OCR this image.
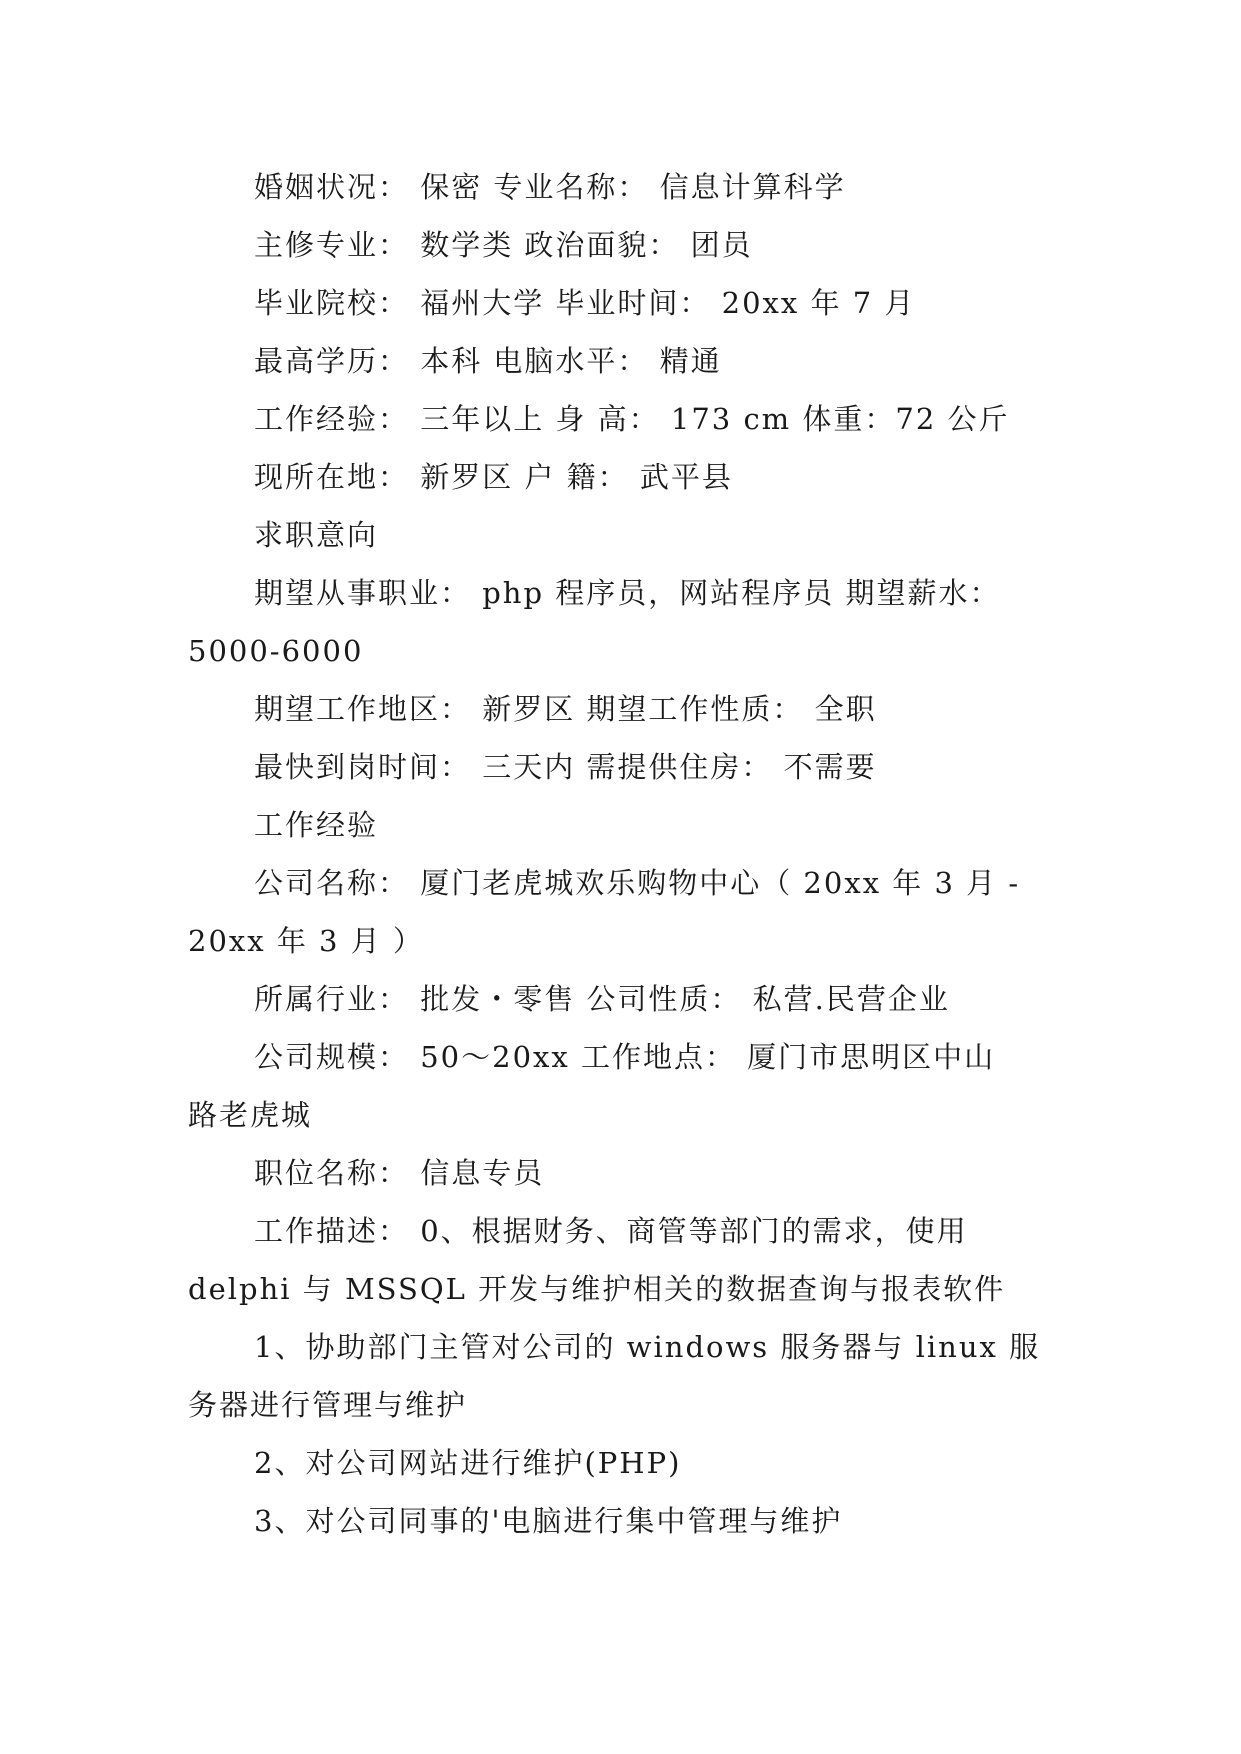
婚姻状况： 保密 专业名称： 信息计算科学
主修专业： 数学类 政治面貌： 团员
毕业院校： 福州大学 毕业时间： 20xx 年 7 月
最高学历： 本科 电脑水平： 精通
工作经验： 三年以上 身 高： 173 cm 体重：72 公斤
现所在地： 新罗区 户 籍： 武平县
求职意向
期望从事职业： php 程序员，网站程序员 期望薪水：
5000-6000
期望工作地区： 新罗区 期望工作性质： 全职
最快到岗时间： 三天内 需提供住房： 不需要
工作经验
公司名称： 厦门老虎城欢乐购物中心（ 20xx 年 3 月 -
20xx 年 3 月 ）
所属行业： 批发・零售 公司性质： 私营.民营企业
公司规模： 50～20xx 工作地点： 厦门市思明区中山
路老虎城
职位名称： 信息专员
工作描述： 0、根据财务、商管等部门的需求，使用
delphi 与 MSSQL 开发与维护相关的数据查询与报表软件
1、协助部门主管对公司的 windows 服务器与 linux 服
务器进行管理与维护
2、对公司网站进行维护(PHP)
3、对公司同事的'电脑进行集中管理与维护
